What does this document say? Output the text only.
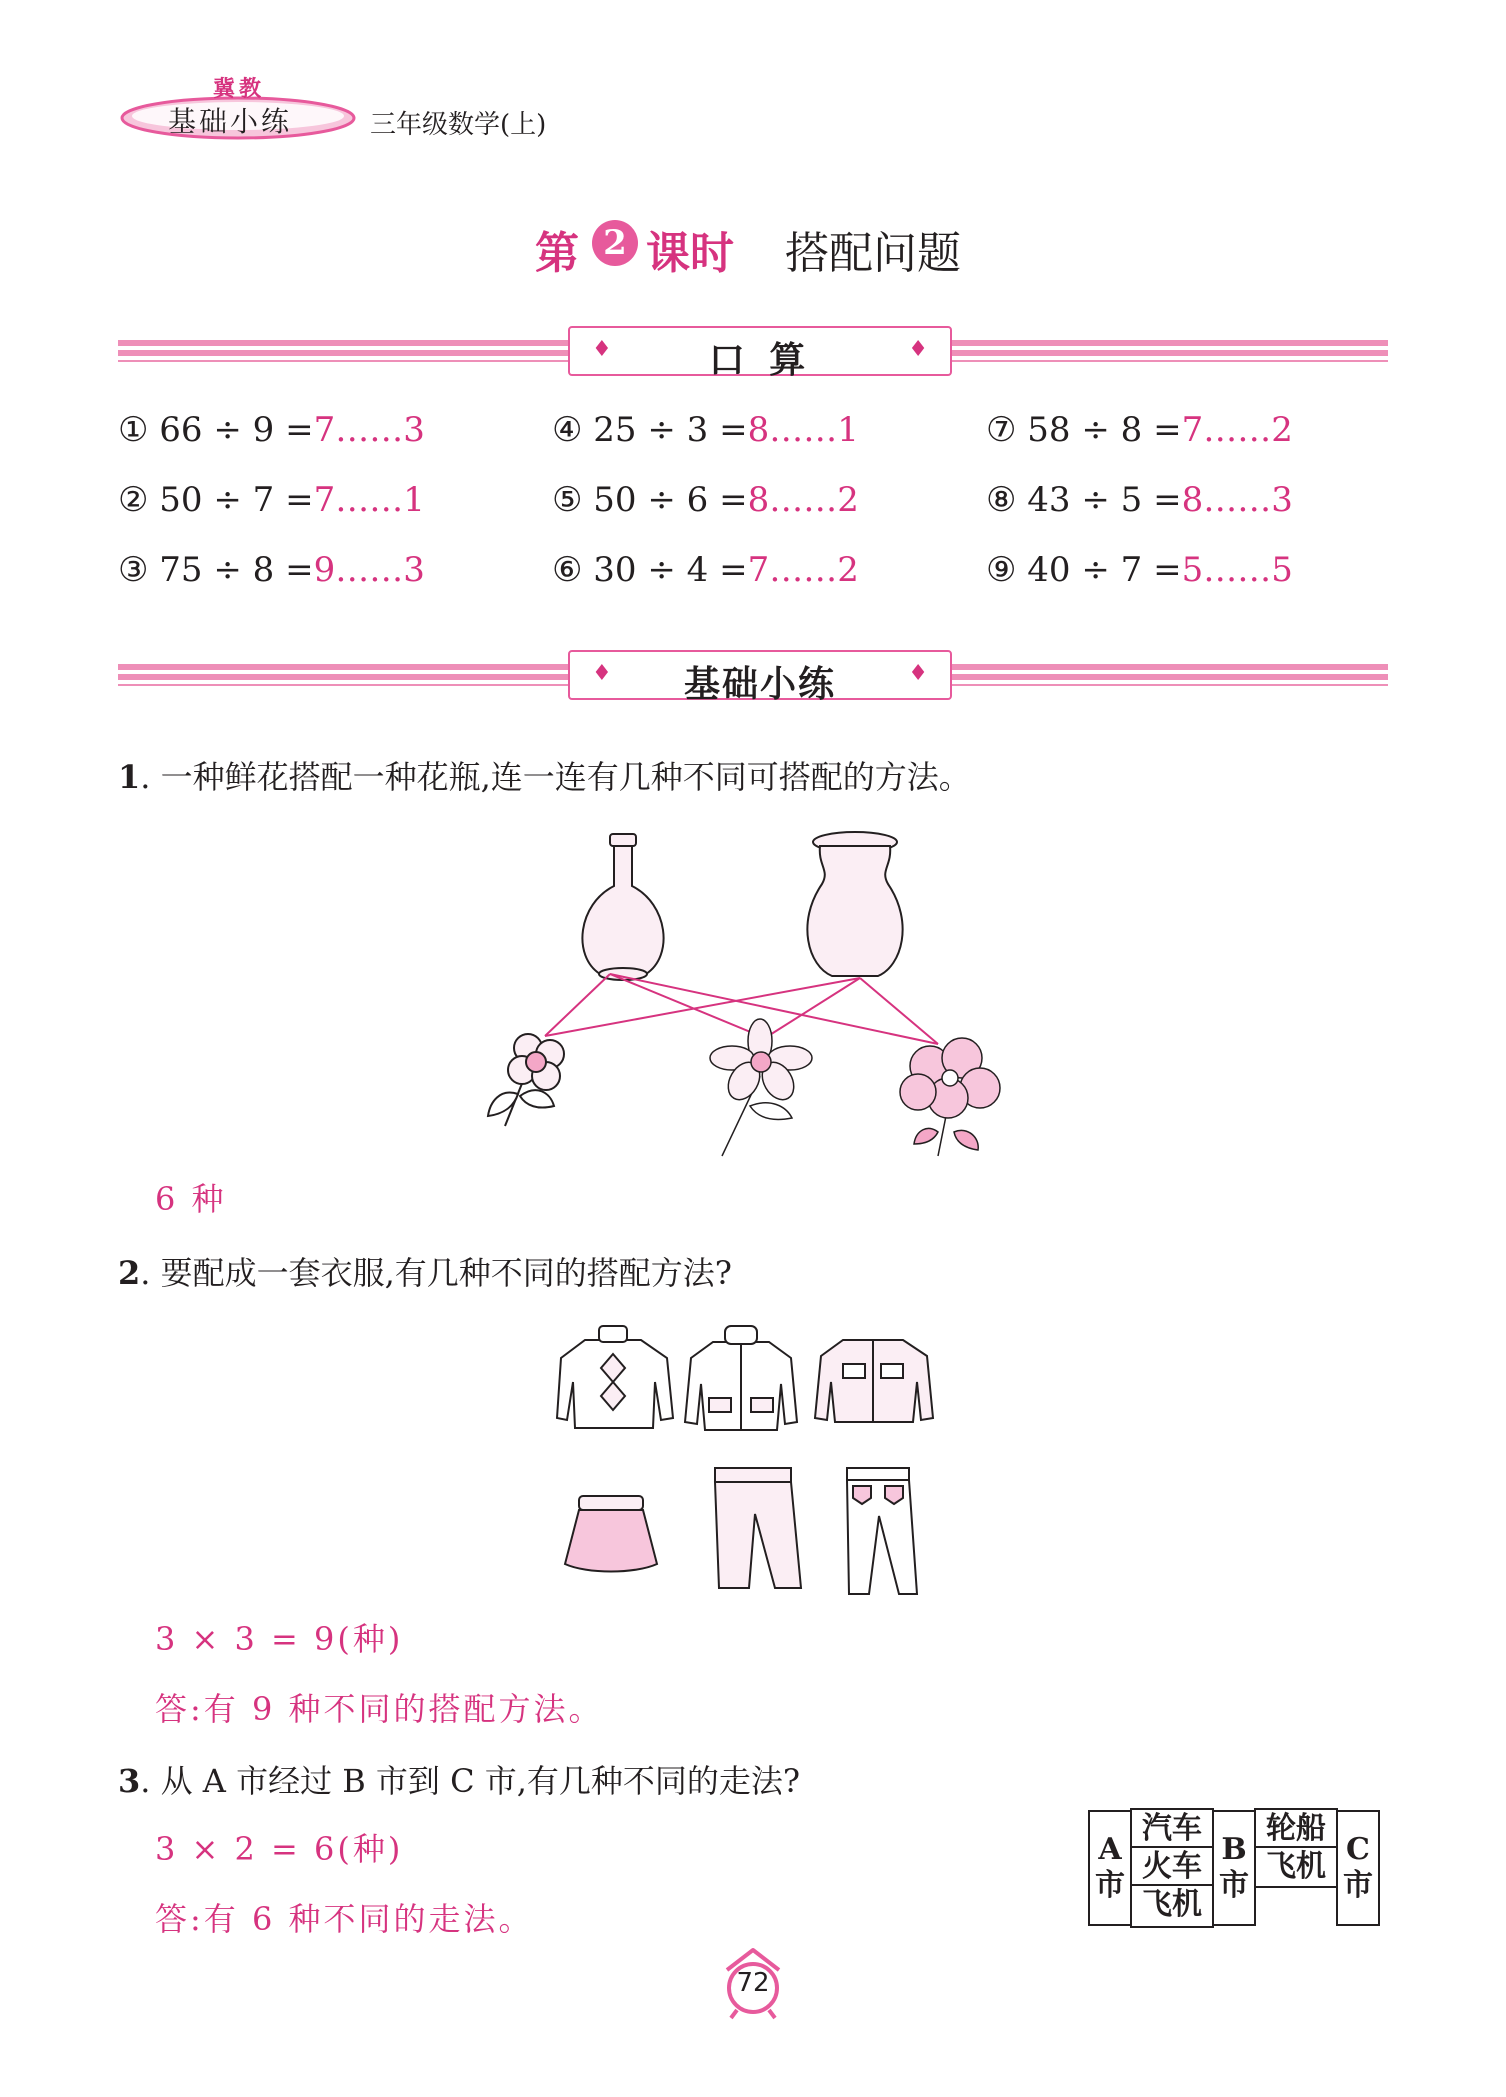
冀教
基础小练	三年级数学(上)
第 2 课时 搭配问题
♦	口 算	♦
① 66 ÷ 9 =7……3
② 50 ÷ 7 =7……1
③ 75 ÷ 8 =9……3
④ 25 ÷ 3 =8……1
⑤ 50 ÷ 6 =8……2
⑥ 30 ÷ 4 =7……2
⑦ 58 ÷ 8 =7……2
⑧ 43 ÷ 5 =8……3
⑨ 40 ÷ 7 =5……5
♦	基础小练	♦
1. 一种鲜花搭配一种花瓶,连一连有几种不同可搭配的方法。
6 种
2. 要配成一套衣服,有几种不同的搭配方法?
3 × 3 = 9(种)
答:有 9 种不同的搭配方法。
3. 从 A 市经过 B 市到 C 市,有几种不同的走法?
3 × 2 = 6(种)
答:有 6 种不同的走法。
A
市
汽车
火车
飞机
B
市
轮船
飞机 C
市
72
